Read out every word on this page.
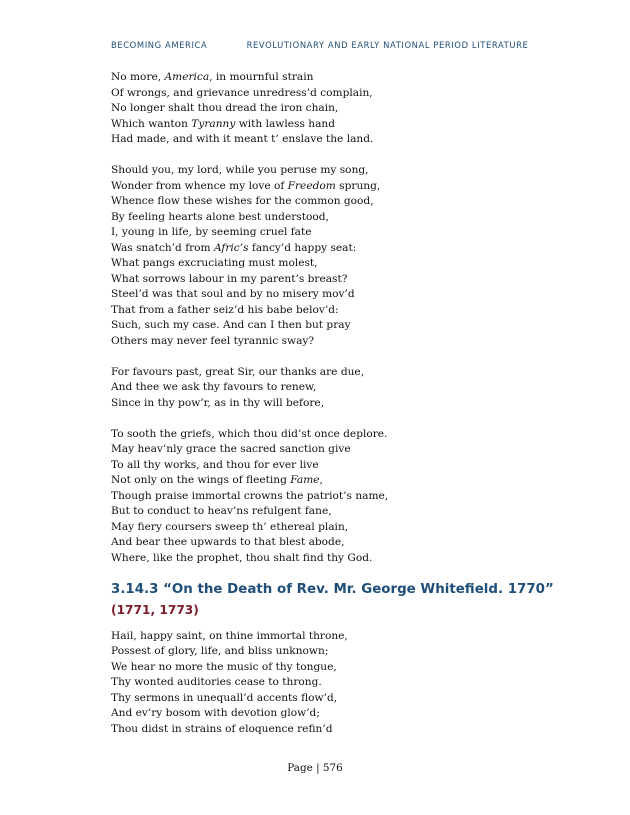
BECOMING AMERICA	REVOLUTIONARY AND EARLY NATIONAL PERIOD LITERATURE
No more, America, in mournful strain
Of wrongs, and grievance unredress’d complain,
No longer shalt thou dread the iron chain,
Which wanton Tyranny with lawless hand
Had made, and with it meant t’ enslave the land.
Should you, my lord, while you peruse my song,
Wonder from whence my love of Freedom sprung,
Whence flow these wishes for the common good,
By feeling hearts alone best understood,
I, young in life, by seeming cruel fate
Was snatch’d from Afric’s fancy’d happy seat:
What pangs excruciating must molest,
What sorrows labour in my parent’s breast?
Steel’d was that soul and by no misery mov’d
That from a father seiz’d his babe belov’d:
Such, such my case. And can I then but pray
Others may never feel tyrannic sway?
For favours past, great Sir, our thanks are due,
And thee we ask thy favours to renew,
Since in thy pow’r, as in thy will before,
To sooth the griefs, which thou did’st once deplore.
May heav’nly grace the sacred sanction give
To all thy works, and thou for ever live
Not only on the wings of fleeting Fame,
Though praise immortal crowns the patriot’s name,
But to conduct to heav’ns refulgent fane,
May fiery coursers sweep th’ ethereal plain,
And bear thee upwards to that blest abode,
Where, like the prophet, thou shalt find thy God.
3.14.3 “On the Death of Rev. Mr. George Whitefield. 1770”
(1771, 1773)
Hail, happy saint, on thine immortal throne,
Possest of glory, life, and bliss unknown;
We hear no more the music of thy tongue,
Thy wonted auditories cease to throng.
Thy sermons in unequall’d accents flow’d,
And ev’ry bosom with devotion glow’d;
Thou didst in strains of eloquence refin’d
Page | 576
